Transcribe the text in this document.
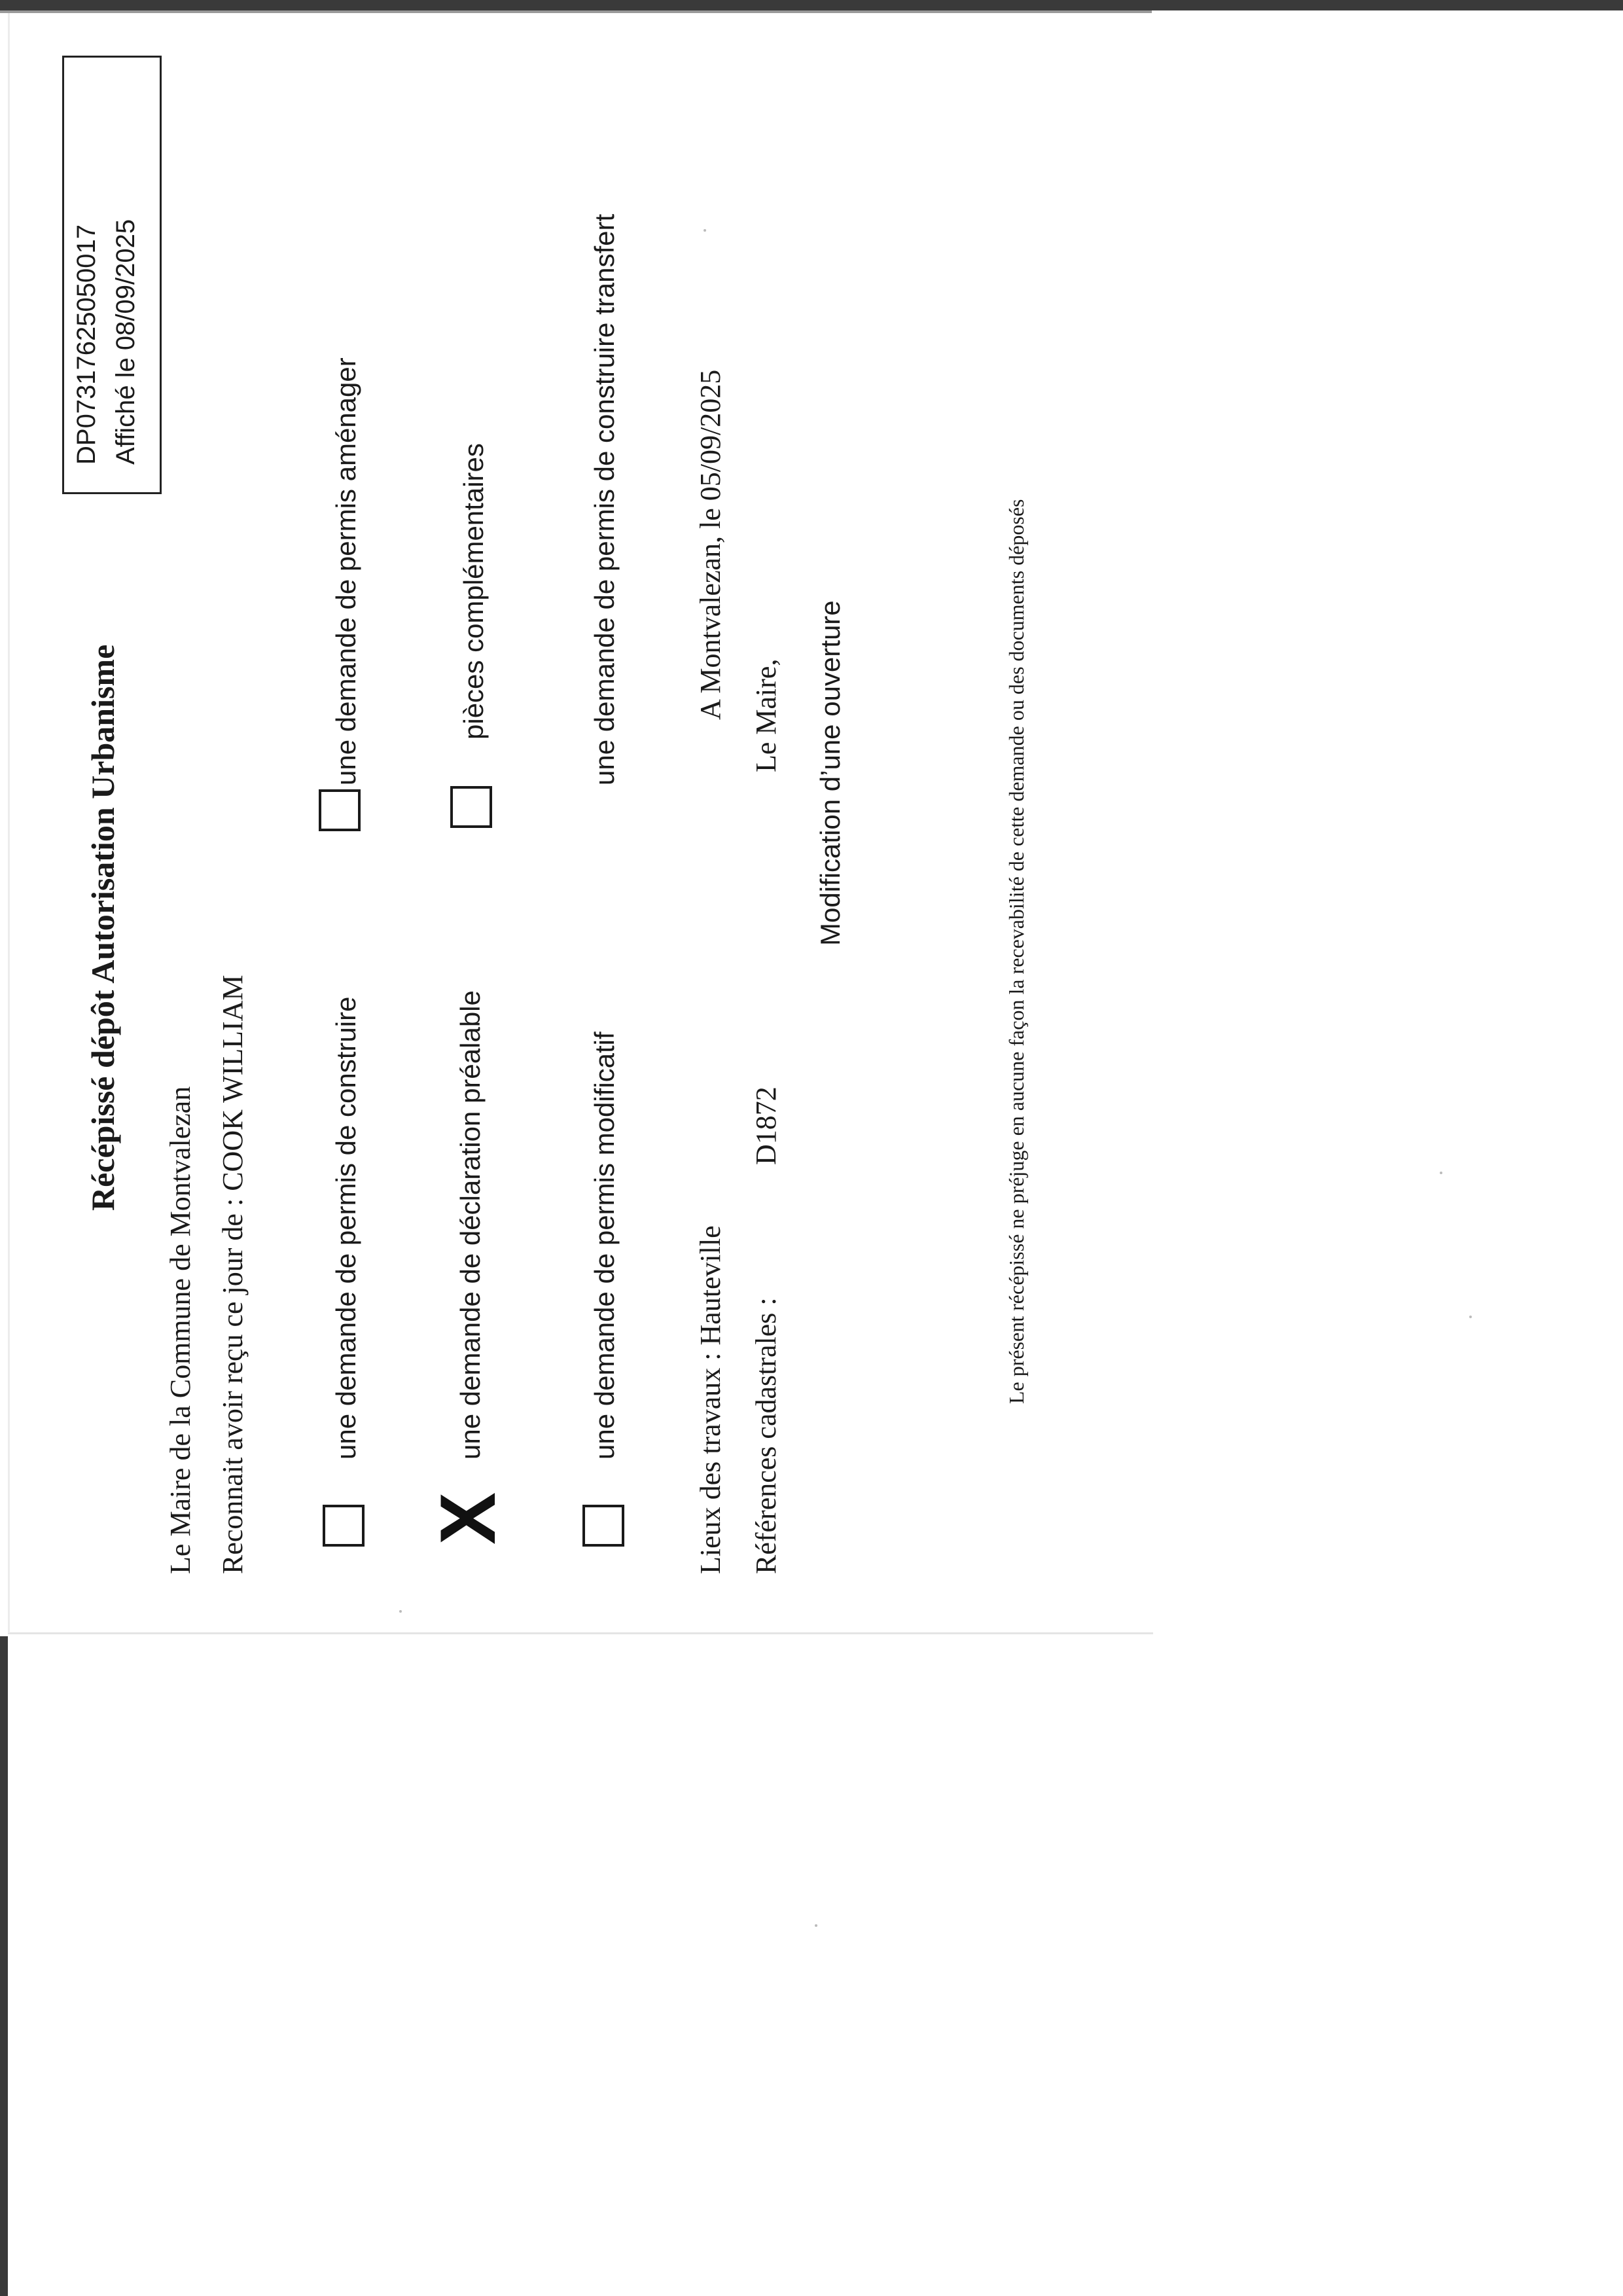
Récépissé dépôt Autorisation Urbanisme
DP07317625050017 Affiché le 08/09/2025
Le Maire de la Commune de Montvalezan Reconnait avoir reçu ce jour de : COOK WILLIAM	une demande de permis de construire
une demande de permis aménager
X
une demande de déclaration préalable
pièces complémentaires
une demande de permis modificatif
une demande de permis de construire transfert
Lieux des travaux : Hauteville
A Montvalezan, le 05/09/2025
Références cadastrales :
D1872
Le Maire, Modification d’une ouverture	Le présent récépissé ne préjuge en aucune façon la recevabilité de cette demande ou des documents déposés
